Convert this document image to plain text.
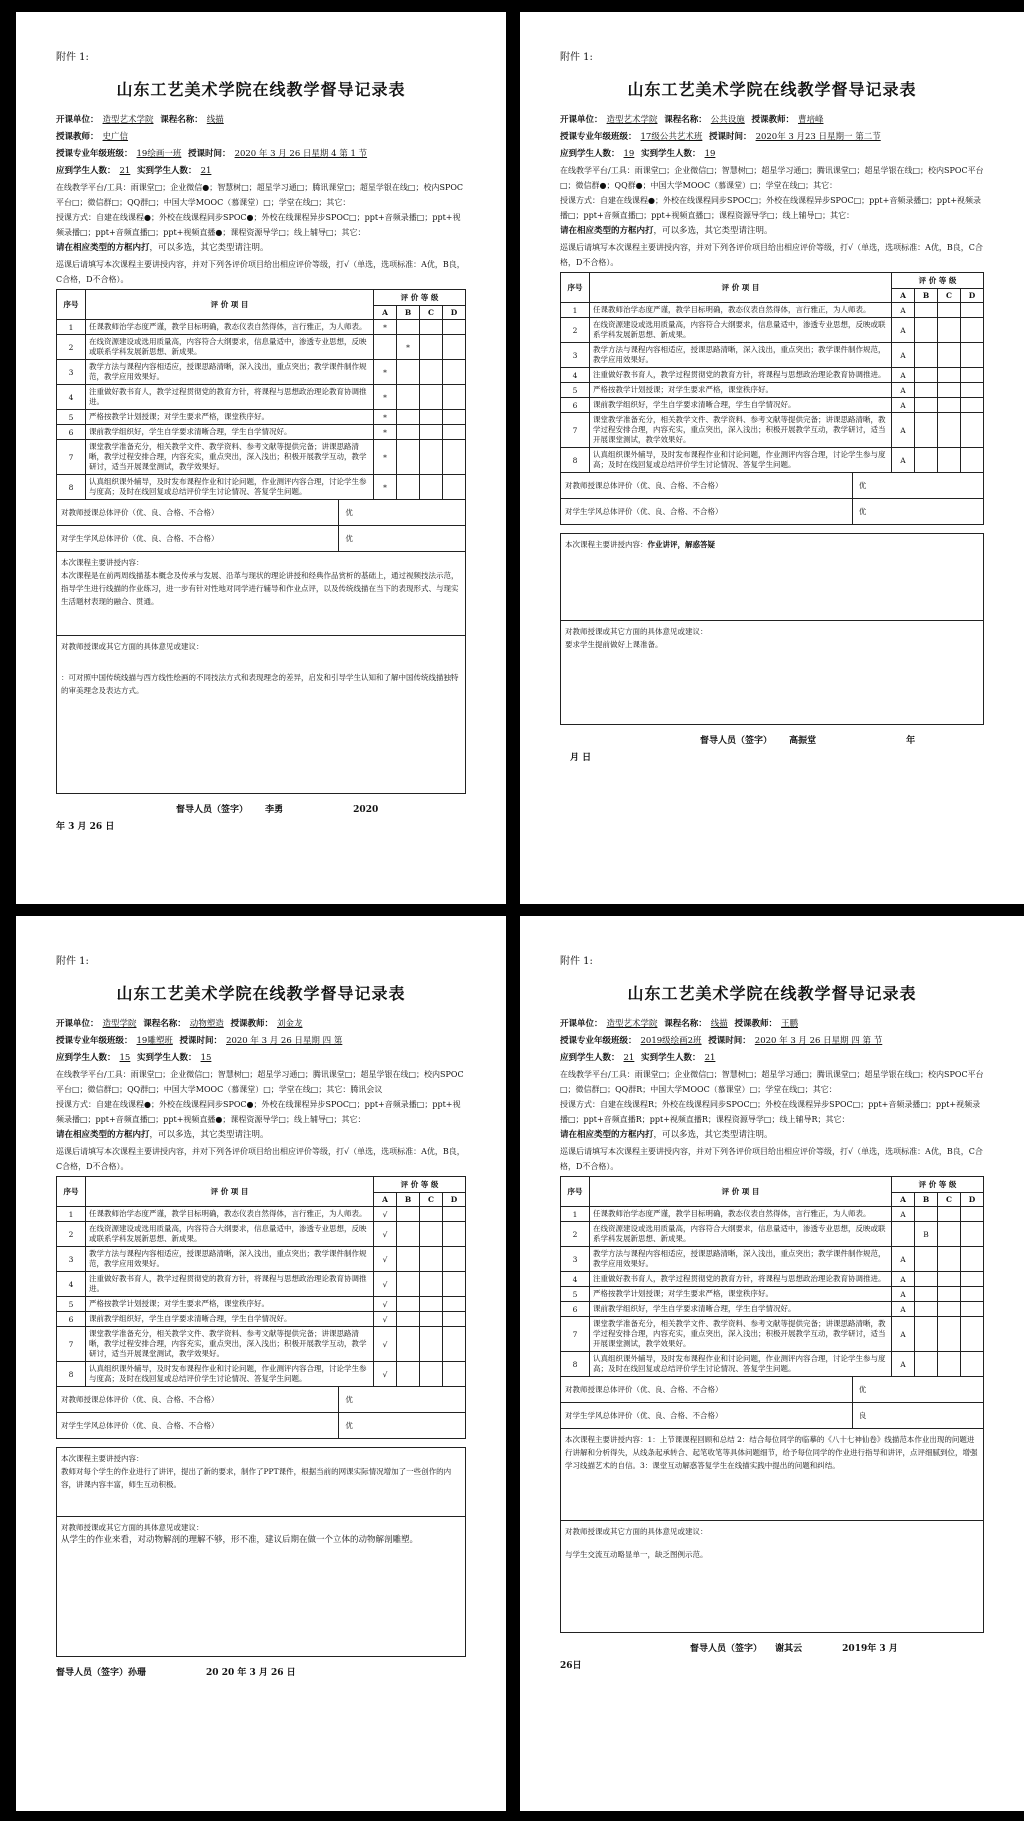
附件 1:
山东工艺美术学院在线教学督导记录表
开课单位： 造型艺术学院 课程名称： 线描
授课教师： 史广信
授课专业年级班级： 19绘画一班 授课时间： 2020 年 3 月 26 日星期 4 第 1 节
应到学生人数： 21 实到学生人数： 21
在线教学平台/工具：雨课堂□；企业微信●；智慧树□；超星学习通□；腾讯课堂□；超星学银在线□；校内SPOC平台□；微信群□；QQ群□；中国大学MOOC（慕课堂）□；学堂在线□；其它：
授课方式：自建在线课程●；外校在线课程同步SPOC●；外校在线课程异步SPOC□；ppt+音频录播□；ppt+视频录播□；ppt+音频直播□；ppt+视频直播●；课程资源导学□；线上辅导□；其它：
请在相应类型的方框内打，可以多选，其它类型请注明。
巡课后请填写本次课程主要讲授内容，并对下列各评价项目给出相应评价等级，打√（单选，选项标准：A优，B良，C合格，D不合格）。
序号	评 价 项 目	评 价 等 级			
		A	B	C	D
1	任课教师治学态度严谨，教学目标明确，教态仪表自然得体，言行雅正，为人师表。	*			
2	在线资源建设或选用质量高，内容符合大纲要求，信息量适中，渗透专业思想，反映或联系学科发展新思想、新成果。		*		
3	教学方法与课程内容相适应，授课思路清晰，深入浅出，重点突出；教学课件制作规范，教学应用效果好。	*			
4	注重做好教书育人，教学过程贯彻党的教育方针，将课程与思想政治理论教育协调推进。	*			
5	严格按教学计划授课；对学生要求严格，课堂秩序好。	*			
6	课前教学组织好，学生自学要求清晰合理，学生自学情况好。	*			
7	课堂教学准备充分，相关教学文件、教学资料、参考文献等提供完备；讲课思路清晰，教学过程安排合理，内容充实，重点突出，深入浅出；积极开展教学互动，教学研讨，适当开展课堂测试，教学效果好。	*			
8	认真组织课外辅导，及时发布课程作业和讨论问题，作业测评内容合理，讨论学生参与度高；及时在线回复或总结评价学生讨论情况、答复学生问题。	*			
对教师授课总体评价（优、良、合格、不合格）	优
对学生学风总体评价（优、良、合格、不合格）	优
本次课程主要讲授内容：
本次课程是在前两周线描基本概念及传承与发展、沿革与现状的理论讲授和经典作品赏析的基础上，通过视频技法示范，指导学生进行线描的作业练习，进一步有针对性地对同学进行辅导和作业点评，以及传统线描在当下的表现形式、与现实生活题材表现的融合、贯通。
对教师授课或其它方面的具体意见或建议：
：可对照中国传统线描与西方线性绘画的不同技法方式和表现理念的差异，启发和引导学生认知和了解中国传统线描独特的审美理念及表达方式。
督导人员（签字） 李勇	2020
年 3 月 26 日
附件 1:
山东工艺美术学院在线教学督导记录表
开课单位： 造型艺术学院 课程名称： 公共设施 授课教师： 曹培峰
授课专业年级班级： 17级公共艺术班 授课时间： 2020年 3 月23 日星期一 第二节
应到学生人数： 19 实到学生人数： 19
在线教学平台/工具：雨课堂□；企业微信□；智慧树□；超星学习通□；腾讯课堂□；超星学银在线□；校内SPOC平台□；微信群●；QQ群●；中国大学MOOC（慕课堂）□；学堂在线□；其它：
授课方式：自建在线课程●；外校在线课程同步SPOC□；外校在线课程异步SPOC□；ppt+音频录播□；ppt+视频录播□；ppt+音频直播□；ppt+视频直播□；课程资源导学□；线上辅导□；其它：
请在相应类型的方框内打，可以多选，其它类型请注明。
巡课后请填写本次课程主要讲授内容，并对下列各评价项目给出相应评价等级，打√（单选，选项标准：A优，B良，C合格，D不合格）。
序号	评 价 项 目	评 价 等 级			
		A	B	C	D
1	任课教师治学态度严谨，教学目标明确，教态仪表自然得体，言行雅正，为人师表。	A			
2	在线资源建设或选用质量高，内容符合大纲要求，信息量适中，渗透专业思想，反映或联系学科发展新思想、新成果。	A			
3	教学方法与课程内容相适应，授课思路清晰，深入浅出，重点突出；教学课件制作规范，教学应用效果好。	A			
4	注重做好教书育人，教学过程贯彻党的教育方针，将课程与思想政治理论教育协调推进。	A			
5	严格按教学计划授课；对学生要求严格，课堂秩序好。	A			
6	课前教学组织好，学生自学要求清晰合理，学生自学情况好。	A			
7	课堂教学准备充分，相关教学文件、教学资料、参考文献等提供完备；讲课思路清晰，教学过程安排合理，内容充实，重点突出，深入浅出；积极开展教学互动，教学研讨，适当开展课堂测试，教学效果好。	A			
8	认真组织课外辅导，及时发布课程作业和讨论问题，作业测评内容合理，讨论学生参与度高；及时在线回复或总结评价学生讨论情况、答复学生问题。	A			
对教师授课总体评价（优、良、合格、不合格）	优
对学生学风总体评价（优、良、合格、不合格）	优
本次课程主要讲授内容：作业讲评，解惑答疑
对教师授课或其它方面的具体意见或建议：
要求学生提前做好上课准备。
督导人员（签字） 高振堂	年
月 日
附件 1:
山东工艺美术学院在线教学督导记录表
开课单位： 造型学院 课程名称： 动物塑造 授课教师： 刘金龙
授课专业年级班级： 19雕塑班 授课时间： 2020 年 3 月 26 日星期 四 第
应到学生人数： 15 实到学生人数： 15
在线教学平台/工具：雨课堂□；企业微信□；智慧树□；超星学习通□；腾讯课堂□；超星学银在线□；校内SPOC平台□；微信群□；QQ群□；中国大学MOOC（慕课堂）□；学堂在线□；其它：腾讯会议
授课方式：自建在线课程●；外校在线课程同步SPOC●；外校在线课程异步SPOC□；ppt+音频录播□；ppt+视频录播□；ppt+音频直播□；ppt+视频直播●；课程资源导学□；线上辅导□；其它：
请在相应类型的方框内打，可以多选，其它类型请注明。
巡课后请填写本次课程主要讲授内容，并对下列各评价项目给出相应评价等级，打√（单选，选项标准：A优，B良，C合格，D不合格）。
序号	评 价 项 目	评 价 等 级			
		A	B	C	D
1	任课教师治学态度严谨，教学目标明确，教态仪表自然得体，言行雅正，为人师表。	√			
2	在线资源建设或选用质量高，内容符合大纲要求，信息量适中，渗透专业思想，反映或联系学科发展新思想、新成果。	√			
3	教学方法与课程内容相适应，授课思路清晰，深入浅出，重点突出；教学课件制作规范，教学应用效果好。	√			
4	注重做好教书育人，教学过程贯彻党的教育方针，将课程与思想政治理论教育协调推进。	√			
5	严格按教学计划授课；对学生要求严格，课堂秩序好。	√			
6	课前教学组织好，学生自学要求清晰合理，学生自学情况好。	√			
7	课堂教学准备充分，相关教学文件、教学资料、参考文献等提供完备；讲课思路清晰，教学过程安排合理，内容充实，重点突出，深入浅出；积极开展教学互动，教学研讨，适当开展课堂测试，教学效果好。	√			
8	认真组织课外辅导，及时发布课程作业和讨论问题，作业测评内容合理，讨论学生参与度高；及时在线回复或总结评价学生讨论情况、答复学生问题。	√			
对教师授课总体评价（优、良、合格、不合格）	优
对学生学风总体评价（优、良、合格、不合格）	优
本次课程主要讲授内容：
教师对每个学生的作业进行了讲评，提出了新的要求，制作了PPT课件，根据当前的网课实际情况增加了一些创作的内容，讲课内容丰富，师生互动积极。
对教师授课或其它方面的具体意见或建议：
从学生的作业来看，对动物解剖的理解不够，形不准，建议后期在做一个立体的动物解剖雕塑。
督导人员（签字）孙珊	20 20 年 3 月 26 日
附件 1:
山东工艺美术学院在线教学督导记录表
开课单位： 造型艺术学院 课程名称： 线描 授课教师： 王鹏
授课专业年级班级： 2019级绘画2班 授课时间： 2020 年 3 月 26 日星期 四 第 节
应到学生人数： 21 实到学生人数： 21
在线教学平台/工具：雨课堂□；企业微信□；智慧树□；超星学习通□；腾讯课堂□；超星学银在线□；校内SPOC平台□；微信群□；QQ群R；中国大学MOOC（慕课堂）□；学堂在线□；其它：
授课方式：自建在线课程R；外校在线课程同步SPOC□；外校在线课程异步SPOC□；ppt+音频录播□；ppt+视频录播□；ppt+音频直播R；ppt+视频直播R；课程资源导学□；线上辅导R；其它：
请在相应类型的方框内打，可以多选，其它类型请注明。
巡课后请填写本次课程主要讲授内容，并对下列各评价项目给出相应评价等级，打√（单选，选项标准：A优，B良，C合格，D不合格）。
序号	评 价 项 目	评 价 等 级			
		A	B	C	D
1	任课教师治学态度严谨，教学目标明确，教态仪表自然得体，言行雅正，为人师表。	A			
2	在线资源建设或选用质量高，内容符合大纲要求，信息量适中，渗透专业思想，反映或联系学科发展新思想、新成果。		B		
3	教学方法与课程内容相适应，授课思路清晰，深入浅出，重点突出；教学课件制作规范，教学应用效果好。	A			
4	注重做好教书育人，教学过程贯彻党的教育方针，将课程与思想政治理论教育协调推进。	A			
5	严格按教学计划授课；对学生要求严格，课堂秩序好。	A			
6	课前教学组织好，学生自学要求清晰合理，学生自学情况好。	A			
7	课堂教学准备充分，相关教学文件、教学资料、参考文献等提供完备；讲课思路清晰，教学过程安排合理，内容充实，重点突出，深入浅出；积极开展教学互动，教学研讨，适当开展课堂测试，教学效果好。	A			
8	认真组织课外辅导，及时发布课程作业和讨论问题，作业测评内容合理，讨论学生参与度高；及时在线回复或总结评价学生讨论情况、答复学生问题。	A			
对教师授课总体评价（优、良、合格、不合格）	优
对学生学风总体评价（优、良、合格、不合格）	良
本次课程主要讲授内容：1：上节课课程回顾和总结 2：结合每位同学的临摹的《八十七神仙卷》线描范本作业出现的问题进行讲解和分析得失，从线条起承转合、起笔收笔等具体问题细节，给予每位同学的作业进行指导和讲评，点评细腻到位，增强学习线描艺术的自信。3：课堂互动解惑答复学生在线描实践中提出的问题和纠结。
对教师授课或其它方面的具体意见或建议：
与学生交流互动略显单一，缺乏图例示范。
督导人员（签字） 谢其云	2019年 3 月
26日
